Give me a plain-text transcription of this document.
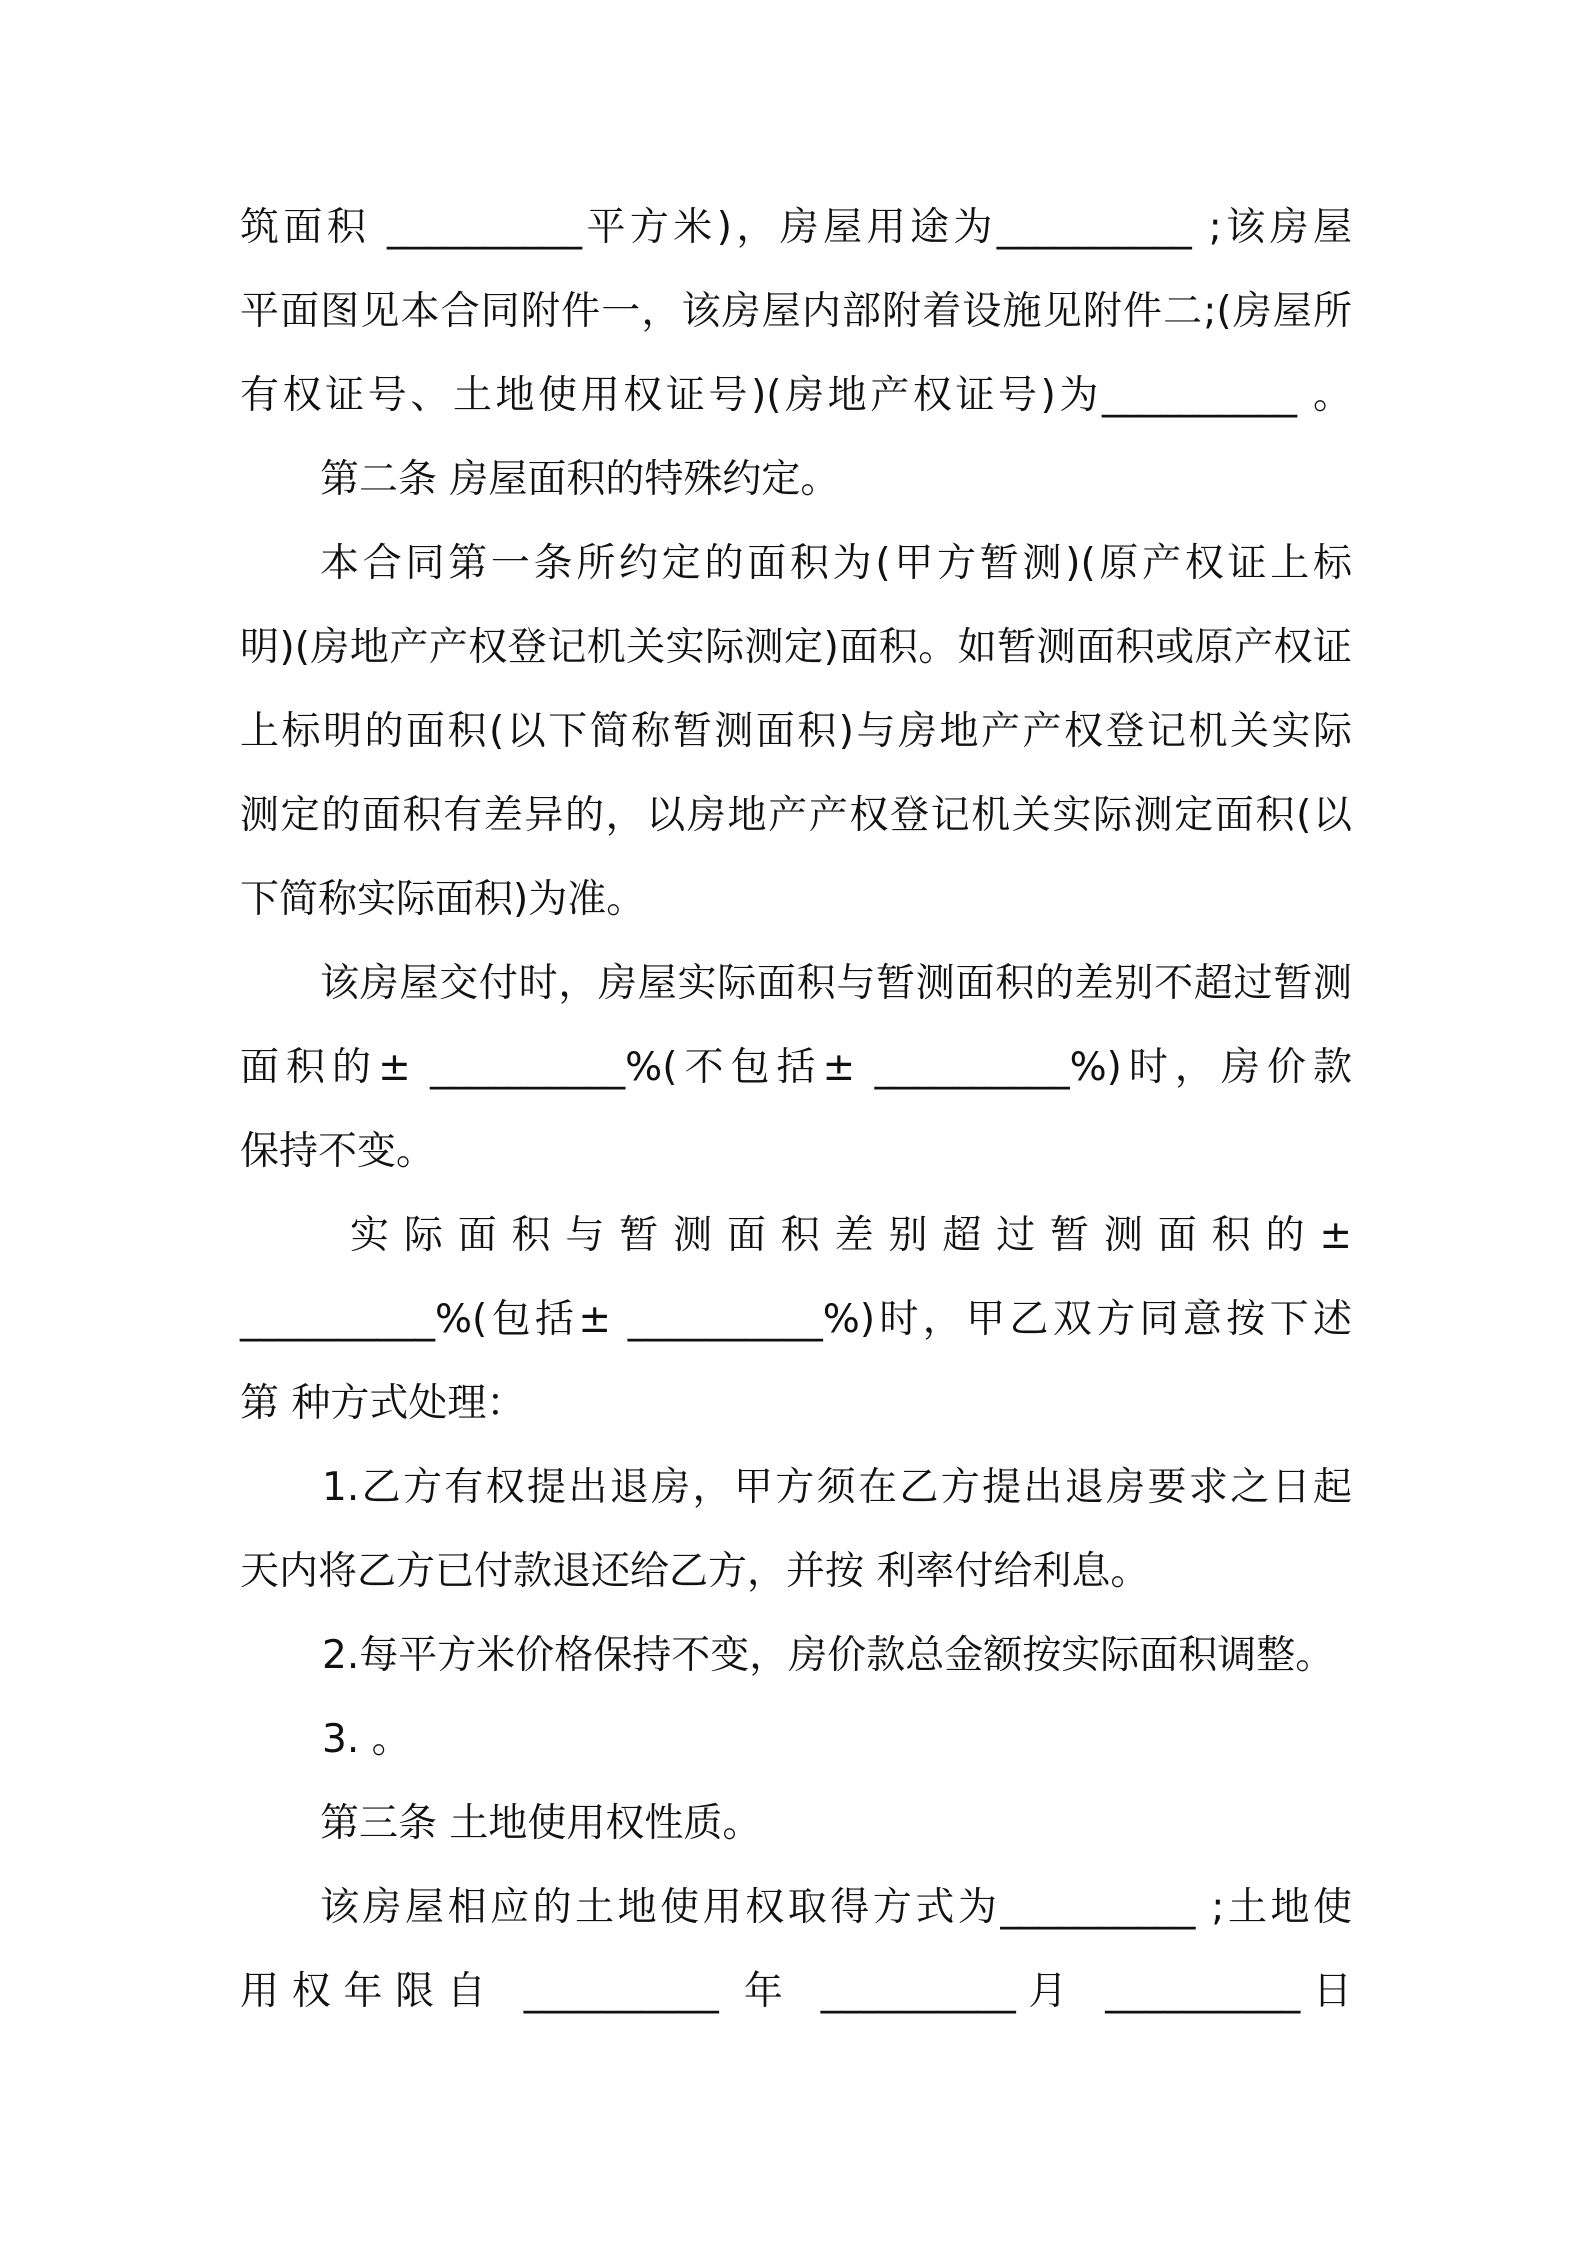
筑面积 __________平方米)，房屋用途为__________ ;该房屋
平面图见本合同附件一，该房屋内部附着设施见附件二;(房屋所
有权证号、土地使用权证号)(房地产权证号)为__________ 。
第二条 房屋面积的特殊约定。
本合同第一条所约定的面积为(甲方暂测)(原产权证上标
明)(房地产产权登记机关实际测定)面积。如暂测面积或原产权证
上标明的面积(以下简称暂测面积)与房地产产权登记机关实际
测定的面积有差异的，以房地产产权登记机关实际测定面积(以
下简称实际面积)为准。
该房屋交付时，房屋实际面积与暂测面积的差别不超过暂测
面积的± __________%(不包括± __________%)时，房价款
保持不变。
实际面积与暂测面积差别超过暂测面积的±
__________%(包括± __________%)时，甲乙双方同意按下述
第 种方式处理：
1.乙方有权提出退房，甲方须在乙方提出退房要求之日起
天内将乙方已付款退还给乙方，并按 利率付给利息。
2.每平方米价格保持不变，房价款总金额按实际面积调整。
3. 。
第三条 土地使用权性质。
该房屋相应的土地使用权取得方式为__________ ;土地使
用权年限自 __________ 年 __________月 __________日
